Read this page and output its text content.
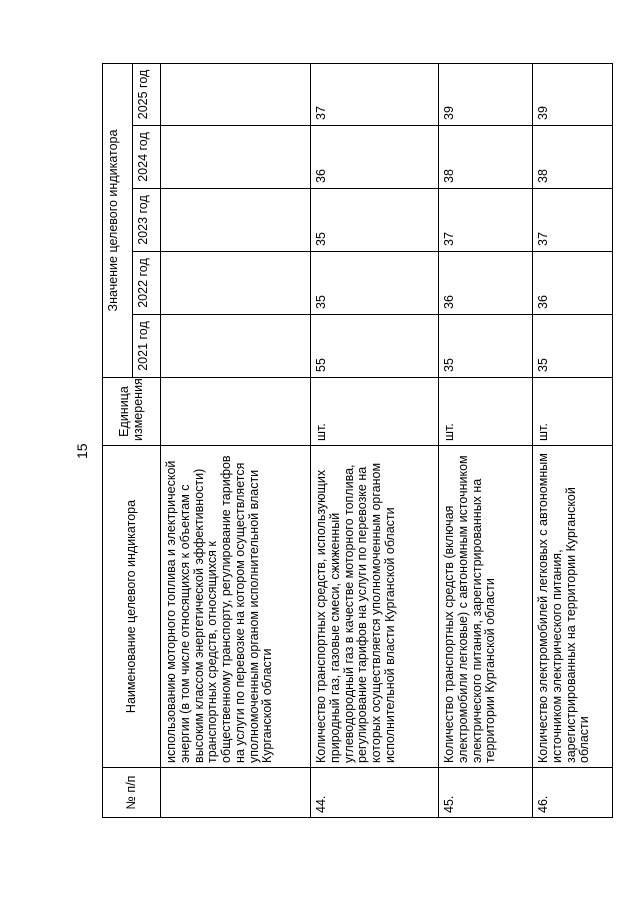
15
№ п/п	Наименование целевого индикатора	Единица измерения	Значение целевого индикатора				
			2021 год	2022 год	2023 год	2024 год	2025 год
	использованию моторного топлива и электрической энергии (в том числе относящихся к объектам с высоким классом энергетической эффективности) транспортных средств, относящихся к общественному транспорту, регулирование тарифов на услуги по перевозке на котором осуществляется уполномоченным органом исполнительной власти Курганской области						
44.	Количество транспортных средств, использующих природный газ, газовые смеси, сжиженный углеводородный газ в качестве моторного топлива, регулирование тарифов на услуги по перевозке на которых осуществляется уполномоченным органом исполнительной власти Курганской области	шт.	55	35	35	36	37
45.	Количество транспортных средств (включая электромобили легковые) с автономным источником электрического питания, зарегистрированных на территории Курганской области	шт.	35	36	37	38	39
46.	Количество электромобилей легковых с автономным источником электрического питания, зарегистрированных на территории Курганской области	шт.	35	36	37	38	39
